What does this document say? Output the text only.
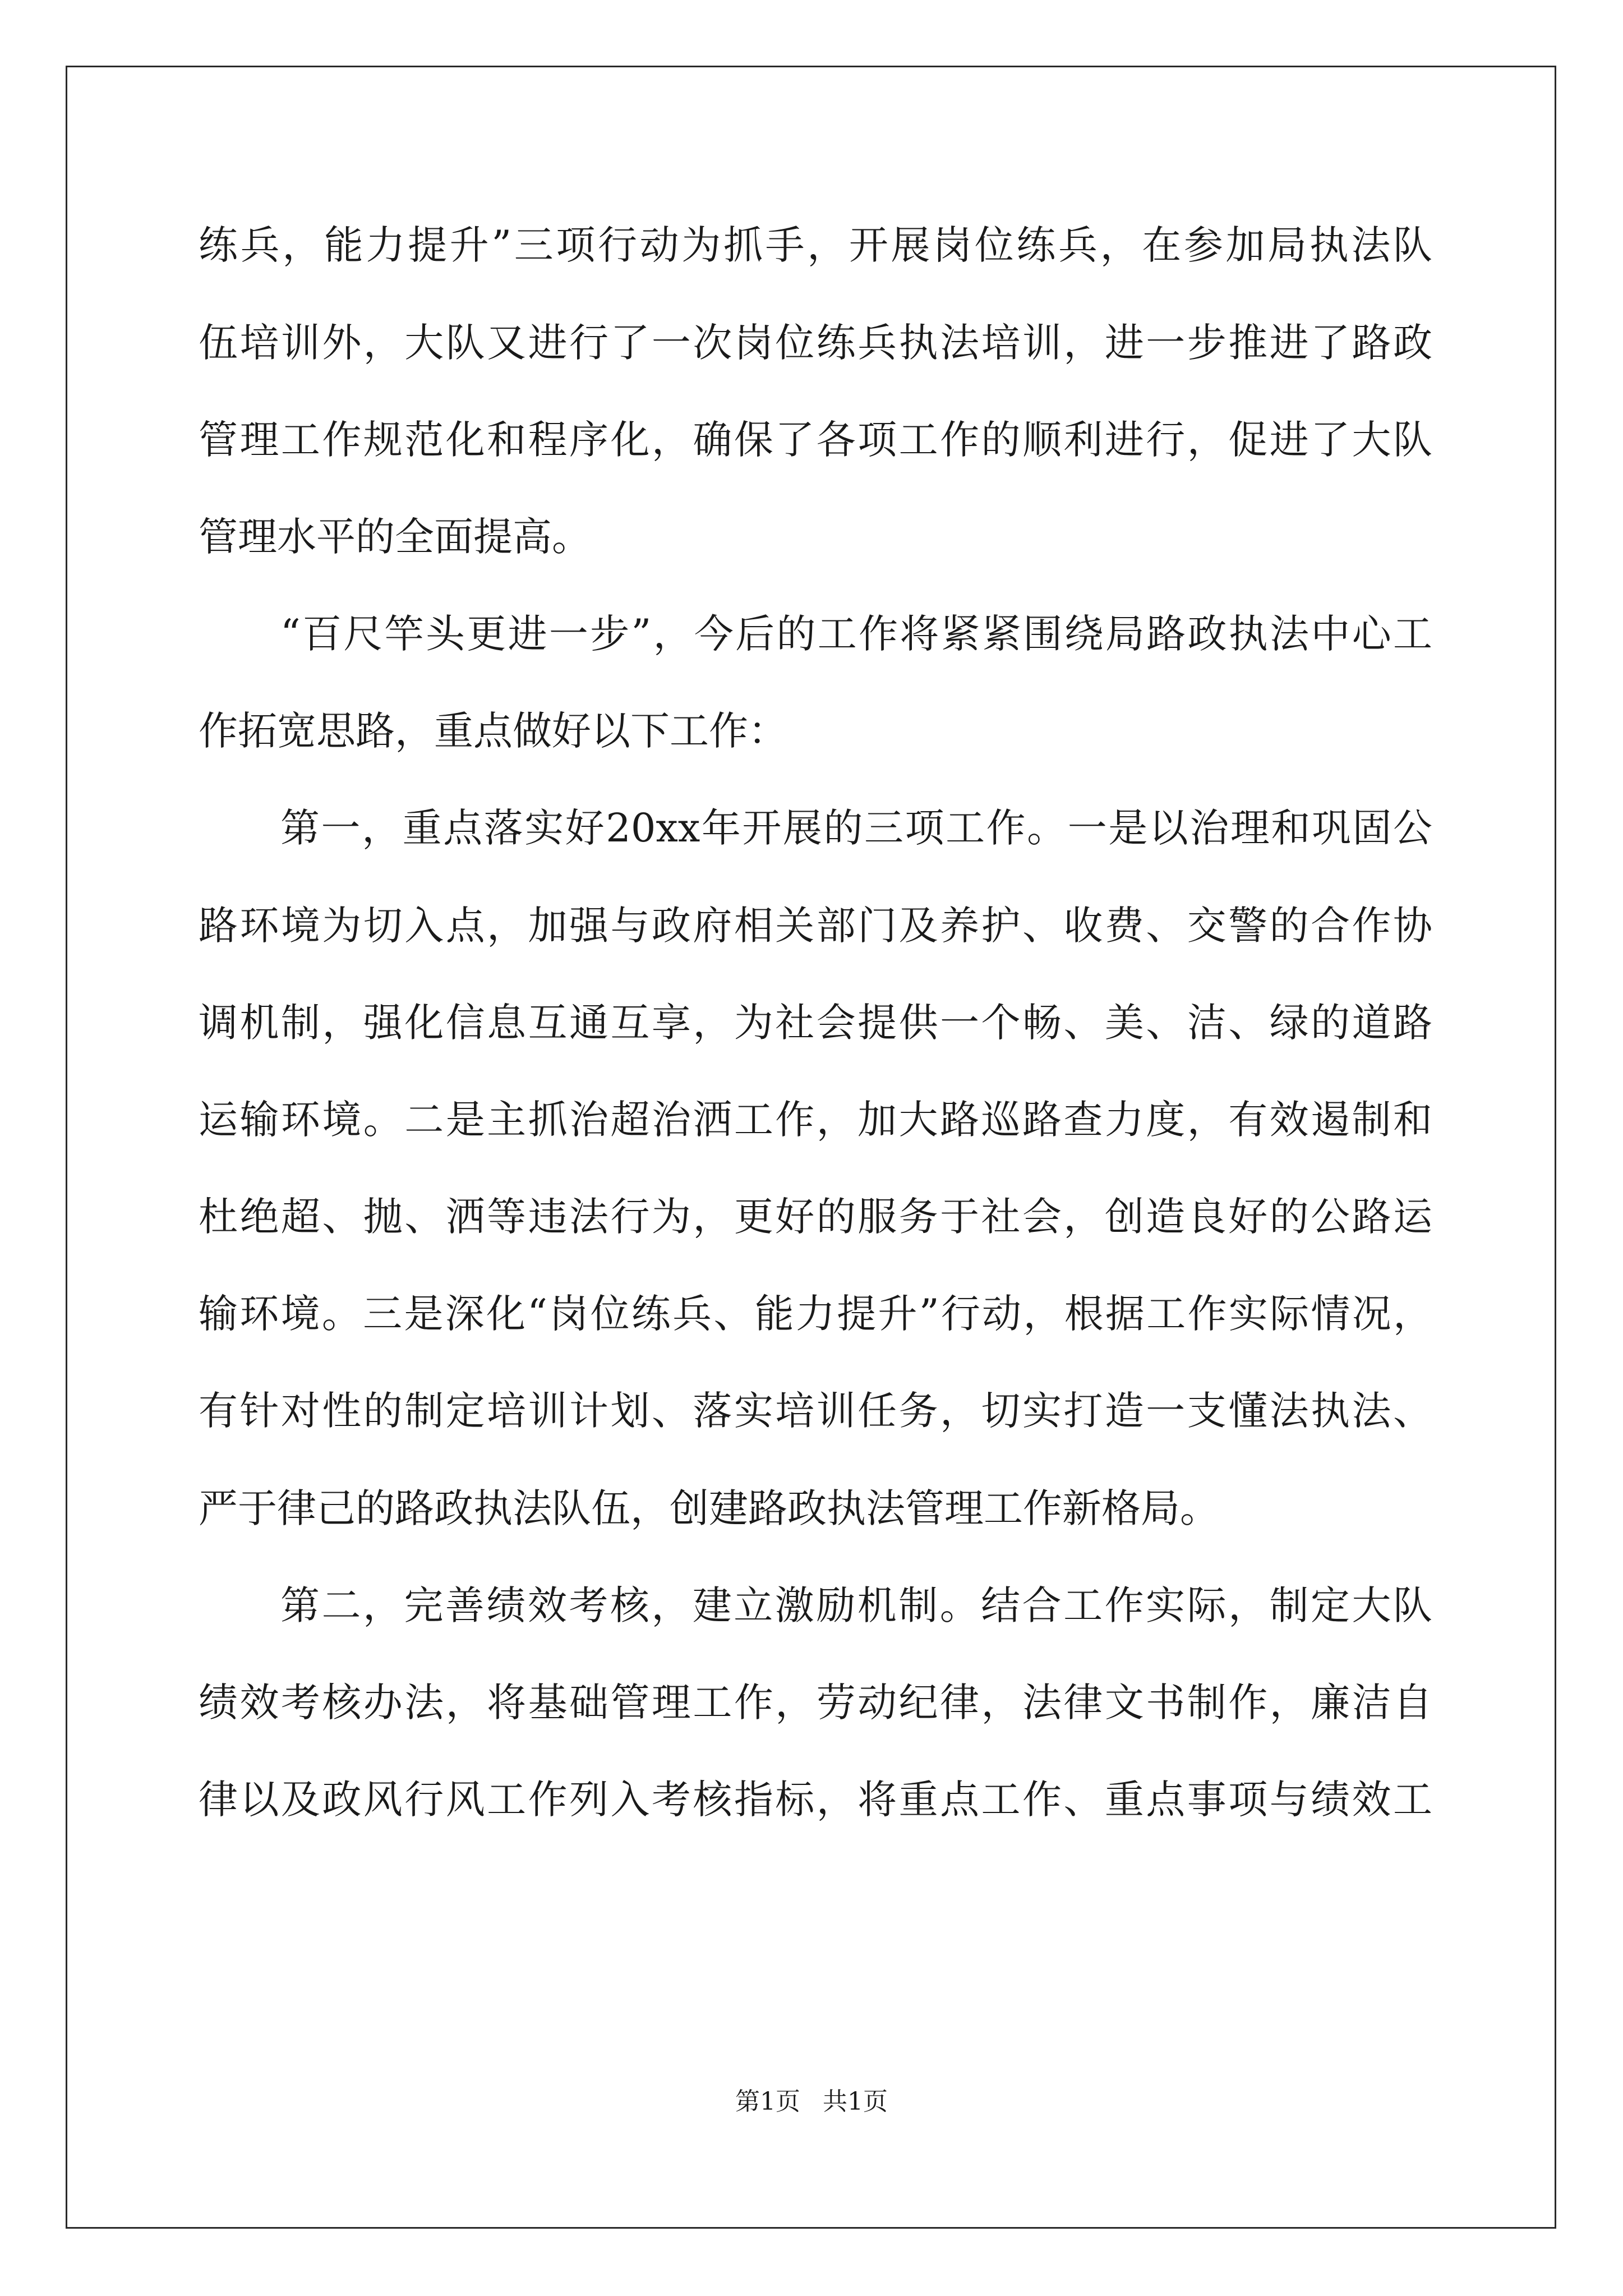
练兵，能力提升”三项行动为抓手，开展岗位练兵，在参加局执法队
伍培训外，大队又进行了一次岗位练兵执法培训，进一步推进了路政
管理工作规范化和程序化，确保了各项工作的顺利进行，促进了大队
管理水平的全面提高。
“百尺竿头更进一步”，今后的工作将紧紧围绕局路政执法中心工
作拓宽思路，重点做好以下工作：
第一，重点落实好20xx年开展的三项工作。一是以治理和巩固公
路环境为切入点，加强与政府相关部门及养护、收费、交警的合作协
调机制，强化信息互通互享，为社会提供一个畅、美、洁、绿的道路
运输环境。二是主抓治超治洒工作，加大路巡路查力度，有效遏制和
杜绝超、抛、洒等违法行为，更好的服务于社会，创造良好的公路运
输环境。三是深化“岗位练兵、能力提升”行动，根据工作实际情况，
有针对性的制定培训计划、落实培训任务，切实打造一支懂法执法、
严于律己的路政执法队伍，创建路政执法管理工作新格局。
第二，完善绩效考核，建立激励机制。结合工作实际，制定大队
绩效考核办法，将基础管理工作，劳动纪律，法律文书制作，廉洁自
律以及政风行风工作列入考核指标，将重点工作、重点事项与绩效工
第1页 共1页
